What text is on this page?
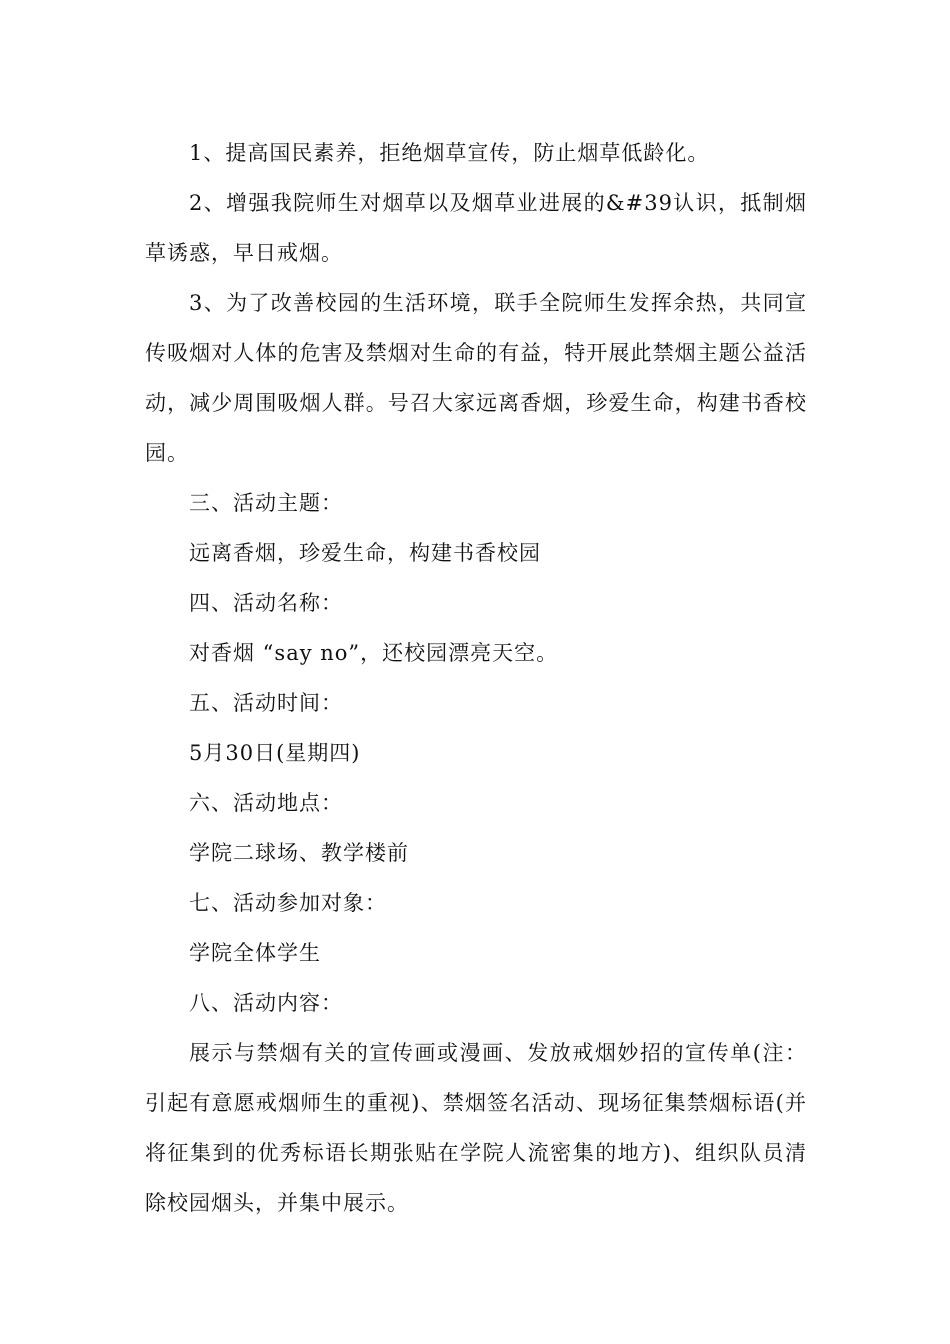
1、提高国民素养，拒绝烟草宣传，防止烟草低龄化。

2、增强我院师生对烟草以及烟草业进展的&#39认识，抵制烟草诱惑，早日戒烟。

3、为了改善校园的生活环境，联手全院师生发挥余热，共同宣传吸烟对人体的危害及禁烟对生命的有益，特开展此禁烟主题公益活动，减少周围吸烟人群。号召大家远离香烟，珍爱生命，构建书香校园。

三、活动主题：

远离香烟，珍爱生命，构建书香校园

四、活动名称：

对香烟 “say no”，还校园漂亮天空。

五、活动时间：

5月30日(星期四)

六、活动地点：

学院二球场、教学楼前

七、活动参加对象：

学院全体学生

八、活动内容：

展示与禁烟有关的宣传画或漫画、发放戒烟妙招的宣传单(注：引起有意愿戒烟师生的重视)、禁烟签名活动、现场征集禁烟标语(并将征集到的优秀标语长期张贴在学院人流密集的地方)、组织队员清除校园烟头，并集中展示。
